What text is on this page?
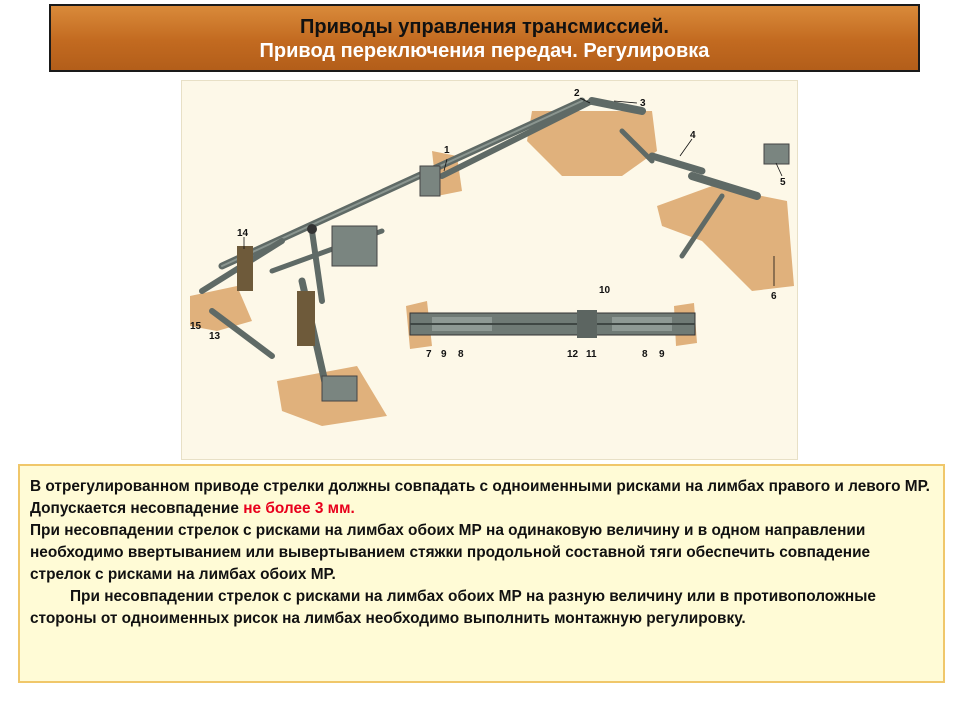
Приводы управления трансмиссией.
Привод переключения передач. Регулировка
1
2
3
4
5
6
7 9 8
10
12 11	8 9
13
14
15

В отрегулированном приводе стрелки должны совпадать с одноименными рисками на лимбах правого и левого МР. Допускается несовпадение не более 3 мм.

При несовпадении стрелок с рисками на лимбах обоих МР на одинаковую величину и в одном направлении необходимо ввертыванием или вывертыванием стяжки продольной составной тяги обеспечить совпадение стрелок с рисками на лимбах обоих МР.

При несовпадении стрелок с рисками на лимбах обоих МР на разную величину или в противоположные стороны от одноименных рисок на лимбах необходимо выполнить монтажную регулировку.
